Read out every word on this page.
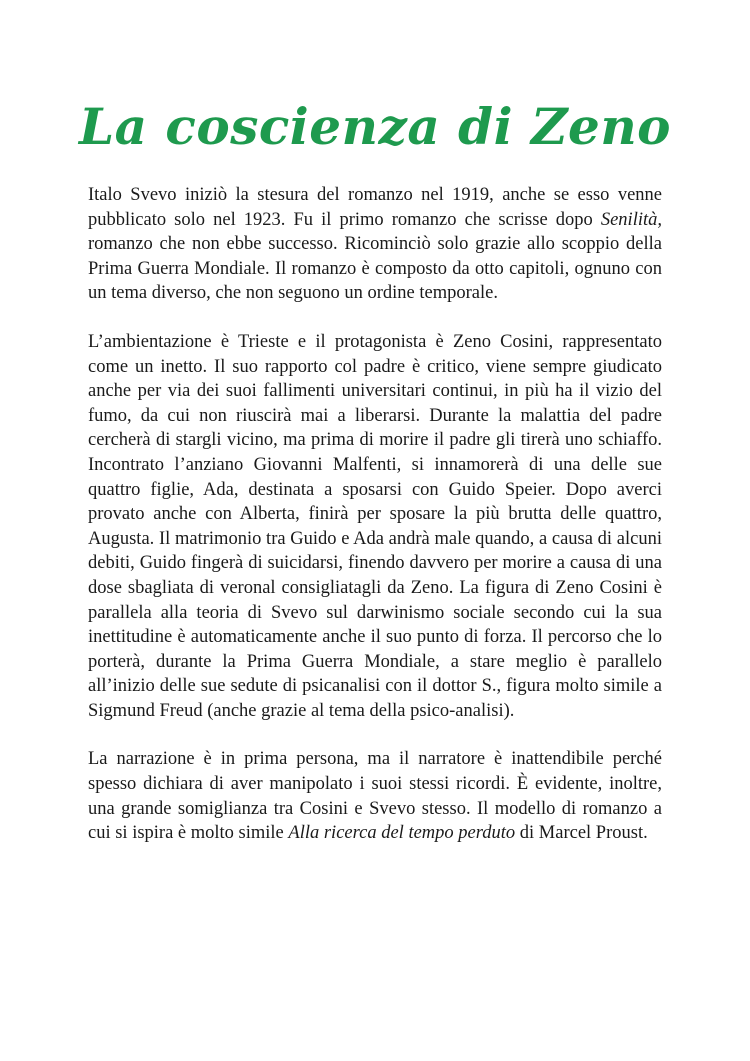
La coscienza di Zeno

Italo Svevo iniziò la stesura del romanzo nel 1919, anche se esso venne pubblicato solo nel 1923. Fu il primo romanzo che scrisse dopo Senilità, romanzo che non ebbe successo. Ricominciò solo grazie allo scoppio della Prima Guerra Mondiale. Il romanzo è composto da otto capitoli, ognuno con un tema diverso, che non seguono un ordine temporale.

L’ambientazione è Trieste e il protagonista è Zeno Cosini, rappresentato come un inetto. Il suo rapporto col padre è critico, viene sempre giudicato anche per via dei suoi fallimenti universitari continui, in più ha il vizio del fumo, da cui non riuscirà mai a liberarsi. Durante la malattia del padre cercherà di stargli vicino, ma prima di morire il padre gli tirerà uno schiaffo. Incontrato l’anziano Giovanni Malfenti, si innamorerà di una delle sue quattro figlie, Ada, destinata a sposarsi con Guido Speier. Dopo averci provato anche con Alberta, finirà per sposare la più brutta delle quattro, Augusta. Il matrimonio tra Guido e Ada andrà male quando, a causa di alcuni debiti, Guido fingerà di suicidarsi, finendo davvero per morire a causa di una dose sbagliata di veronal consigliatagli da Zeno. La figura di Zeno Cosini è parallela alla teoria di Svevo sul darwinismo sociale secondo cui la sua inettitudine è automaticamente anche il suo punto di forza. Il percorso che lo porterà, durante la Prima Guerra Mondiale, a stare meglio è parallelo all’inizio delle sue sedute di psicanalisi con il dottor S., figura molto simile a Sigmund Freud (anche grazie al tema della psico-analisi).

La narrazione è in prima persona, ma il narratore è inattendibile perché spesso dichiara di aver manipolato i suoi stessi ricordi. È evidente, inoltre, una grande somiglianza tra Cosini e Svevo stesso. Il modello di romanzo a cui si ispira è molto simile Alla ricerca del tempo perduto di Marcel Proust.
